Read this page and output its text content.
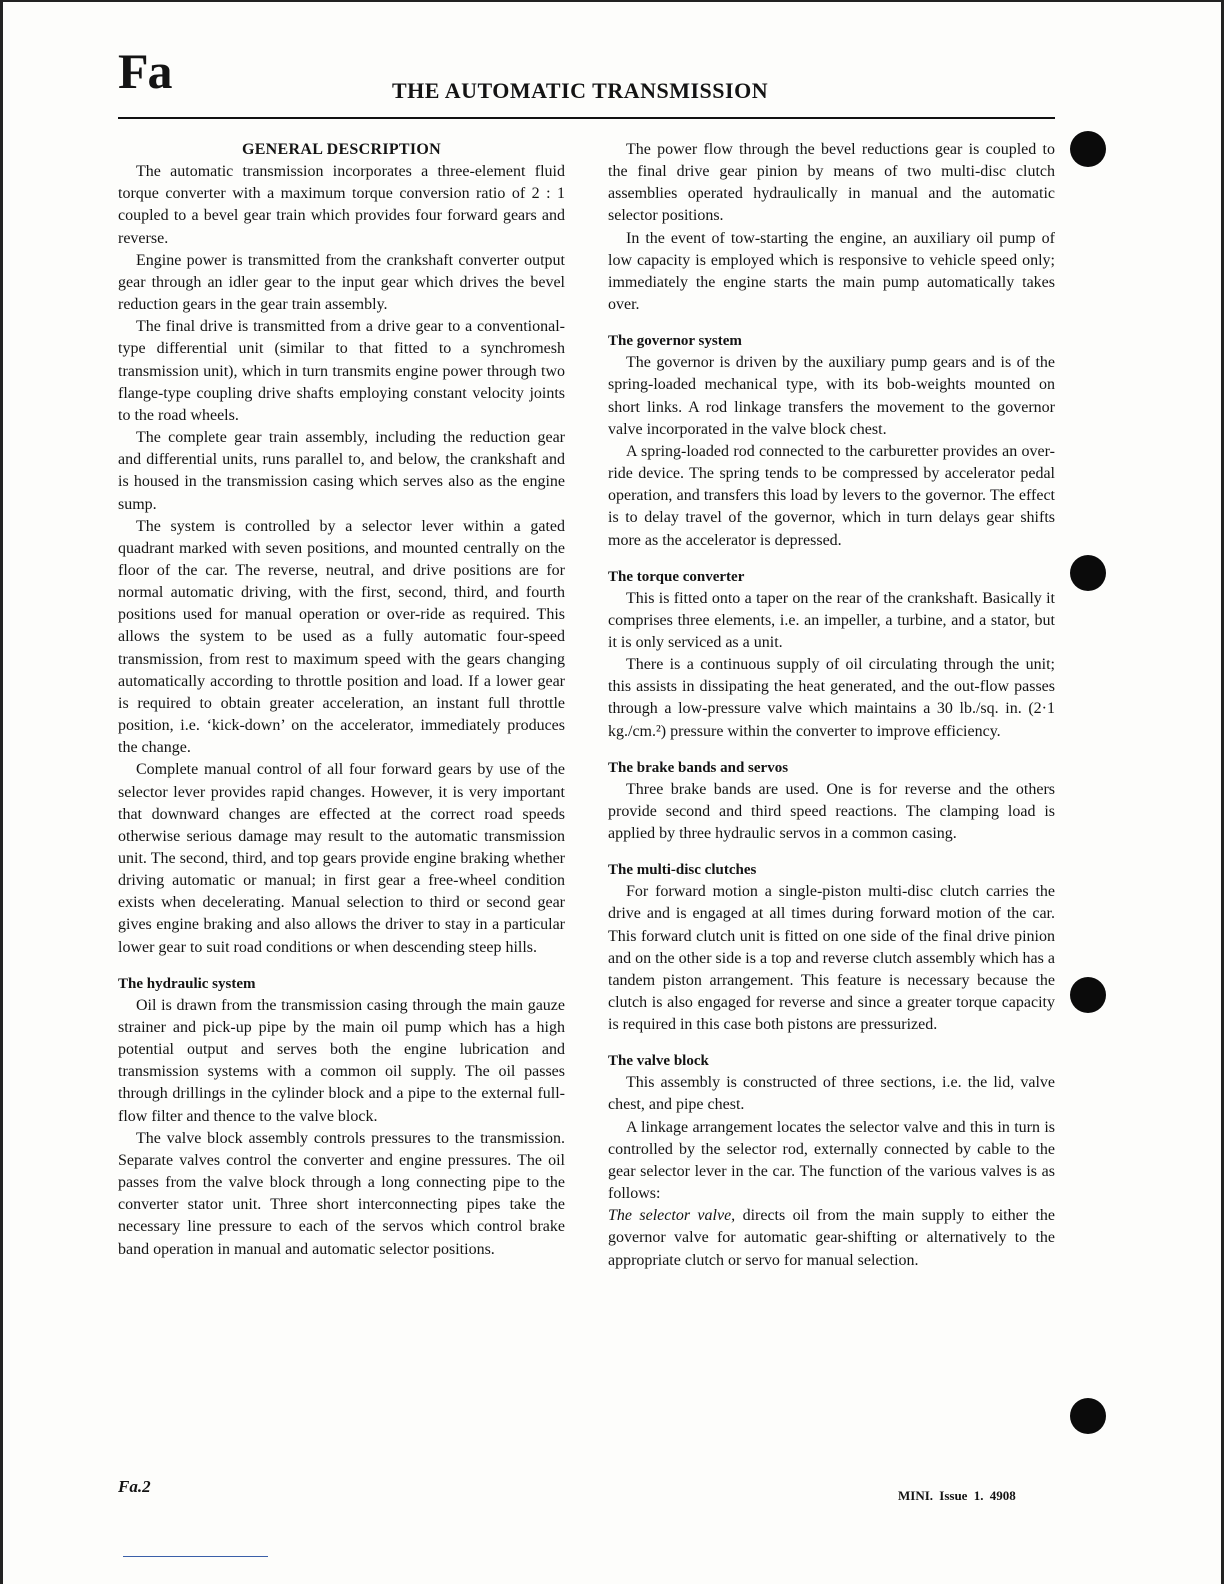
Fa	THE AUTOMATIC TRANSMISSION
GENERAL DESCRIPTION

The automatic transmission incorporates a three-element fluid torque converter with a maximum torque conversion ratio of 2 : 1 coupled to a bevel gear train which provides four forward gears and reverse.

Engine power is transmitted from the crankshaft converter output gear through an idler gear to the input gear which drives the bevel reduction gears in the gear train assembly.

The final drive is transmitted from a drive gear to a conventional-type differential unit (similar to that fitted to a synchromesh transmission unit), which in turn transmits engine power through two flange-type coupling drive shafts employing constant velocity joints to the road wheels.

The complete gear train assembly, including the reduction gear and differential units, runs parallel to, and below, the crankshaft and is housed in the transmission casing which serves also as the engine sump.

The system is controlled by a selector lever within a gated quadrant marked with seven positions, and mounted centrally on the floor of the car. The reverse, neutral, and drive positions are for normal automatic driving, with the first, second, third, and fourth positions used for manual operation or over-ride as required. This allows the system to be used as a fully automatic four-speed transmission, from rest to maximum speed with the gears changing automatically according to throttle position and load. If a lower gear is required to obtain greater acceleration, an instant full throttle position, i.e. ‘kick-down’ on the accelerator, immediately produces the change.

Complete manual control of all four forward gears by use of the selector lever provides rapid changes. However, it is very important that downward changes are effected at the correct road speeds otherwise serious damage may result to the automatic transmission unit. The second, third, and top gears provide engine braking whether driving automatic or manual; in first gear a free-wheel condition exists when decelerating. Manual selection to third or second gear gives engine braking and also allows the driver to stay in a particular lower gear to suit road conditions or when descending steep hills.

The hydraulic system

Oil is drawn from the transmission casing through the main gauze strainer and pick-up pipe by the main oil pump which has a high potential output and serves both the engine lubrication and transmission systems with a common oil supply. The oil passes through drillings in the cylinder block and a pipe to the external full-flow filter and thence to the valve block.

The valve block assembly controls pressures to the transmission. Separate valves control the converter and engine pressures. The oil passes from the valve block through a long connecting pipe to the converter stator unit. Three short interconnecting pipes take the necessary line pressure to each of the servos which control brake band operation in manual and automatic selector positions.

The power flow through the bevel reductions gear is coupled to the final drive gear pinion by means of two multi-disc clutch assemblies operated hydraulically in manual and the automatic selector positions.

In the event of tow-starting the engine, an auxiliary oil pump of low capacity is employed which is responsive to vehicle speed only; immediately the engine starts the main pump automatically takes over.

The governor system

The governor is driven by the auxiliary pump gears and is of the spring-loaded mechanical type, with its bob-weights mounted on short links. A rod linkage transfers the movement to the governor valve incorporated in the valve block chest.

A spring-loaded rod connected to the carburetter provides an over-ride device. The spring tends to be compressed by accelerator pedal operation, and transfers this load by levers to the governor. The effect is to delay travel of the governor, which in turn delays gear shifts more as the accelerator is depressed.

The torque converter

This is fitted onto a taper on the rear of the crankshaft. Basically it comprises three elements, i.e. an impeller, a turbine, and a stator, but it is only serviced as a unit.

There is a continuous supply of oil circulating through the unit; this assists in dissipating the heat generated, and the out-flow passes through a low-pressure valve which maintains a 30 lb./sq. in. (2·1 kg./cm.²) pressure within the converter to improve efficiency.

The brake bands and servos

Three brake bands are used. One is for reverse and the others provide second and third speed reactions. The clamping load is applied by three hydraulic servos in a common casing.

The multi-disc clutches

For forward motion a single-piston multi-disc clutch carries the drive and is engaged at all times during forward motion of the car. This forward clutch unit is fitted on one side of the final drive pinion and on the other side is a top and reverse clutch assembly which has a tandem piston arrangement. This feature is necessary because the clutch is also engaged for reverse and since a greater torque capacity is required in this case both pistons are pressurized.

The valve block

This assembly is constructed of three sections, i.e. the lid, valve chest, and pipe chest.

A linkage arrangement locates the selector valve and this in turn is controlled by the selector rod, externally connected by cable to the gear selector lever in the car. The function of the various valves is as follows:

The selector valve, directs oil from the main supply to either the governor valve for automatic gear-shifting or alternatively to the appropriate clutch or servo for manual selection.

Fa.2	MINI. Issue 1. 4908
